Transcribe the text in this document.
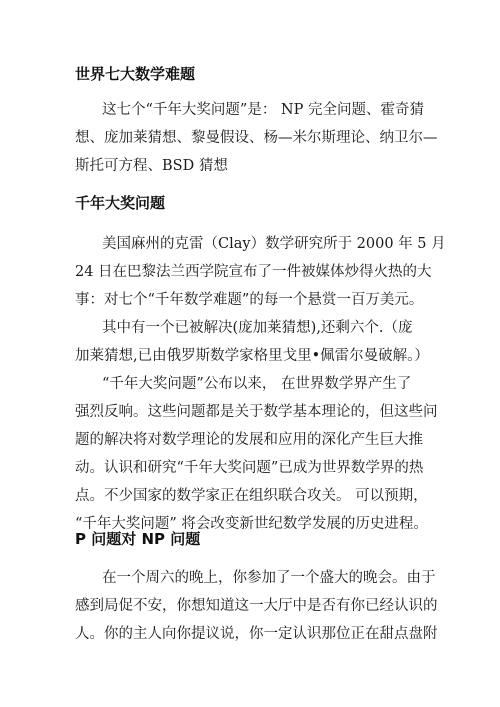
世界七大数学难题
这七个“千年大奖问题”是： NP 完全问题、霍奇猜
想、庞加莱猜想、黎曼假设、杨—米尔斯理论、纳卫尔—
斯托可方程、BSD 猜想
千年大奖问题
美国麻州的克雷（Clay）数学研究所于 2000 年 5 月
24 日在巴黎法兰西学院宣布了一件被媒体炒得火热的大
事：对七个“千年数学难题”的每一个悬赏一百万美元。
其中有一个已被解决(庞加莱猜想),还剩六个.（庞
加莱猜想,已由俄罗斯数学家格里戈里•佩雷尔曼破解。）
“千年大奖问题”公布以来， 在世界数学界产生了
强烈反响。这些问题都是关于数学基本理论的，但这些问
题的解决将对数学理论的发展和应用的深化产生巨大推
动。认识和研究“千年大奖问题”已成为世界数学界的热
点。不少国家的数学家正在组织联合攻关。 可以预期，
“千年大奖问题” 将会改变新世纪数学发展的历史进程。
P 问题对 NP 问题
在一个周六的晚上，你参加了一个盛大的晚会。由于
感到局促不安，你想知道这一大厅中是否有你已经认识的
人。你的主人向你提议说，你一定认识那位正在甜点盘附
